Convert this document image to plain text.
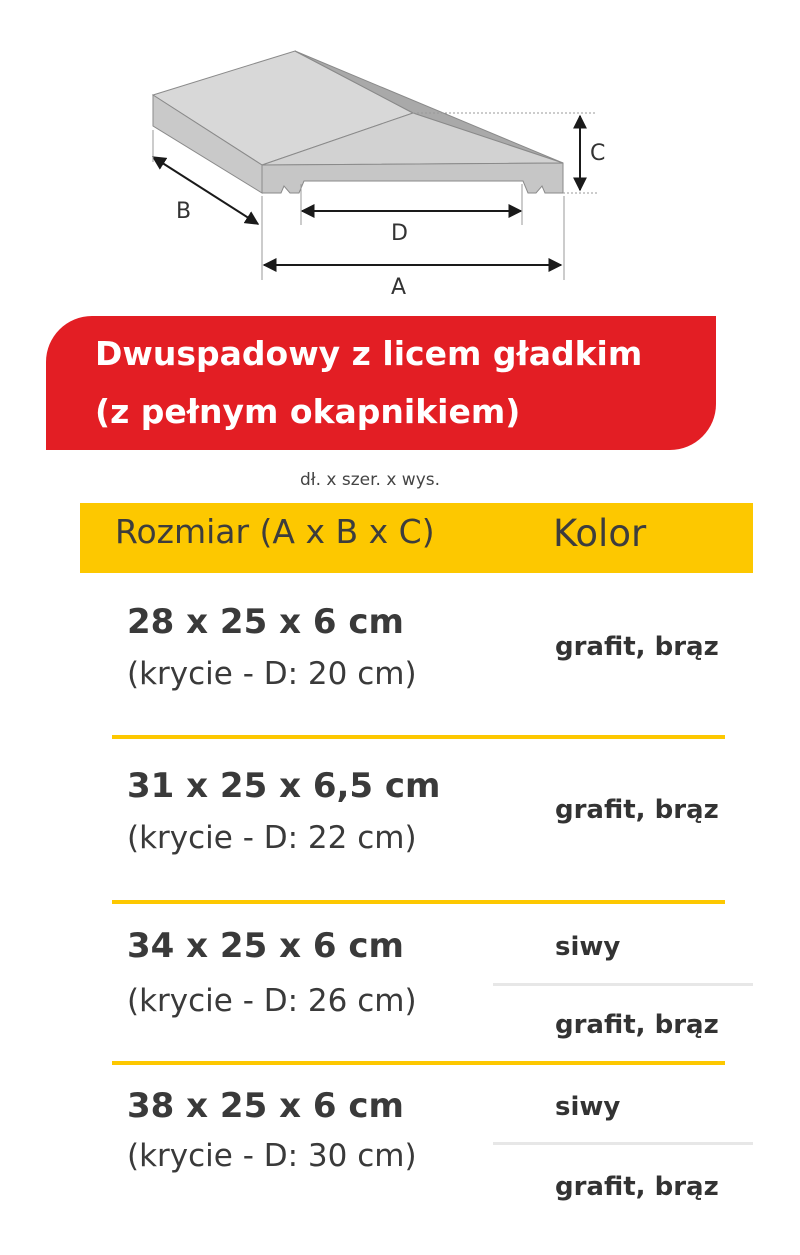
B
D
A
C
Dwuspadowy z licem gładkim
(z pełnym okapnikiem)
dł. x szer. x wys.
Rozmiar (A x B x C)	Kolor
28 x 25 x 6 cm
(krycie - D: 20 cm)
grafit, brąz
31 x 25 x 6,5 cm
(krycie - D: 22 cm)
grafit, brąz
34 x 25 x 6 cm
(krycie - D: 26 cm)
siwy
grafit, brąz
38 x 25 x 6 cm
(krycie - D: 30 cm)
siwy
grafit, brąz
